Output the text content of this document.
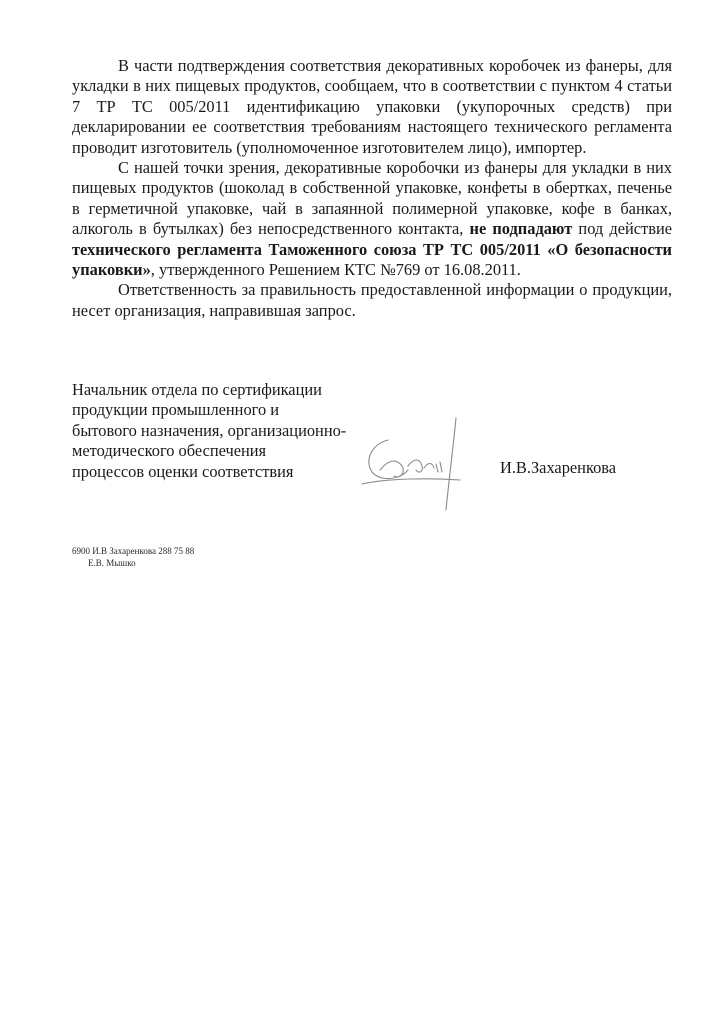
В части подтверждения соответствия декоративных коробочек из фанеры, для укладки в них пищевых продуктов, сообщаем, что в соответствии с пунктом 4 статьи 7 ТР ТС 005/2011 идентификацию упаковки (укупорочных средств) при декларировании ее соответствия требованиям настоящего технического регламента проводит изготовитель (уполномоченное изготовителем лицо), импортер.

С нашей точки зрения, декоративные коробочки из фанеры для укладки в них пищевых продуктов (шоколад в собственной упаковке, конфеты в обертках, печенье в герметичной упаковке, чай в запаянной полимерной упаковке, кофе в банках, алкоголь в бутылках) без непосредственного контакта, не подпадают под действие технического регламента Таможенного союза ТР ТС 005/2011 «О безопасности упаковки», утвержденного Решением КТС №769 от 16.08.2011.

Ответственность за правильность предоставленной информации о продукции, несет организация, направившая запрос.

Начальник отдела по сертификации
продукции промышленного и
бытового назначения, организационно-
методического обеспечения
процессов оценки соответствия	И.В.Захаренкова
6900 И.В Захаренкова 288 75 88
Е.В. Мышко
